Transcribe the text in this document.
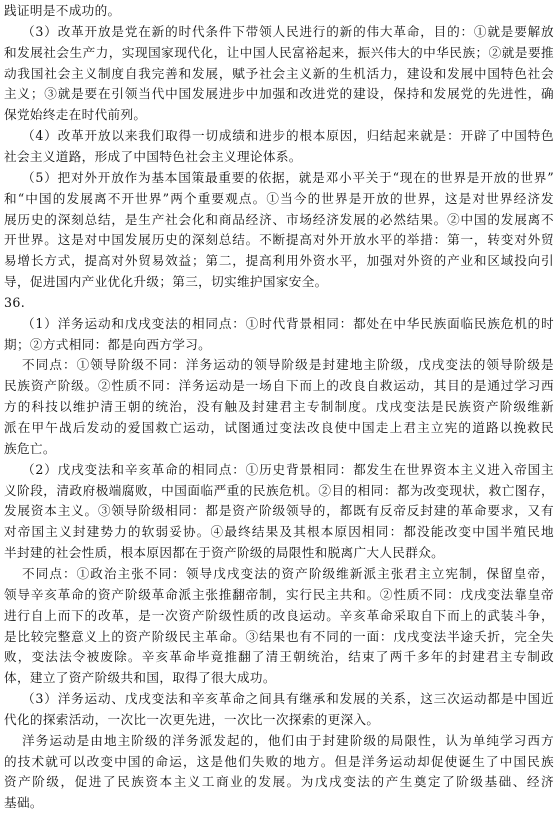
践证明是不成功的。
（3）改革开放是党在新的时代条件下带领人民进行的新的伟大革命，目的：①就是要解放
和发展社会生产力，实现国家现代化，让中国人民富裕起来，振兴伟大的中华民族；②就是要推
动我国社会主义制度自我完善和发展，赋予社会主义新的生机活力，建设和发展中国特色社会
主义；③就是要在引领当代中国发展进步中加强和改进党的建设，保持和发展党的先进性，确
保党始终走在时代前列。
（4）改革开放以来我们取得一切成绩和进步的根本原因，归结起来就是：开辟了中国特色
社会主义道路，形成了中国特色社会主义理论体系。
（5）把对外开放作为基本国策最重要的依据，就是邓小平关于“现在的世界是开放的世界”
和“中国的发展离不开世界”两个重要观点。①当今的世界是开放的世界，这是对世界经济发
展历史的深刻总结，是生产社会化和商品经济、市场经济发展的必然结果。②中国的发展离不
开世界。这是对中国发展历史的深刻总结。不断提高对外开放水平的举措：第一，转变对外贸
易增长方式，提高对外贸易效益；第二，提高利用外资水平，加强对外资的产业和区域投向引
导，促进国内产业优化升级；第三，切实维护国家安全。
36.
（1）洋务运动和戊戌变法的相同点：①时代背景相同：都处在中华民族面临民族危机的时
期；②方式相同：都是向西方学习。
不同点：①领导阶级不同：洋务运动的领导阶级是封建地主阶级，戊戌变法的领导阶级是
民族资产阶级。②性质不同：洋务运动是一场自下而上的改良自救运动，其目的是通过学习西
方的科技以维护清王朝的统治，没有触及封建君主专制制度。戊戌变法是民族资产阶级维新
派在甲午战后发动的爱国救亡运动，试图通过变法改良使中国走上君主立宪的道路以挽救民
族危亡。
（2）戊戌变法和辛亥革命的相同点：①历史背景相同：都发生在世界资本主义进入帝国主
义阶段，清政府极端腐败，中国面临严重的民族危机。②目的相同：都为改变现状，救亡图存，
发展资本主义。③领导阶级相同：都是资产阶级领导的，都既有反帝反封建的革命要求，又有
对帝国主义封建势力的软弱妥协。④最终结果及其根本原因相同：都没能改变中国半殖民地
半封建的社会性质，根本原因都在于资产阶级的局限性和脱离广大人民群众。
不同点：①政治主张不同：领导戊戌变法的资产阶级维新派主张君主立宪制，保留皇帝，
领导辛亥革命的资产阶级革命派主张推翻帝制，实行民主共和。②性质不同：戊戌变法靠皇帝
进行自上而下的改革，是一次资产阶级性质的改良运动。辛亥革命采取自下而上的武装斗争，
是比较完整意义上的资产阶级民主革命。③结果也有不同的一面：戊戌变法半途夭折，完全失
败，变法法令被废除。辛亥革命毕竟推翻了清王朝统治，结束了两千多年的封建君主专制政
体，建立了资产阶级共和国，取得了很大成功。
（3）洋务运动、戊戌变法和辛亥革命之间具有继承和发展的关系，这三次运动都是中国近
代化的探索活动，一次比一次更先进，一次比一次探索的更深入。
洋务运动是由地主阶级的洋务派发起的，他们由于封建阶级的局限性，认为单纯学习西方
的技术就可以改变中国的命运，这是他们失败的地方。但是洋务运动却促使诞生了中国民族
资产阶级，促进了民族资本主义工商业的发展。为戊戌变法的产生奠定了阶级基础、经济
基础。
